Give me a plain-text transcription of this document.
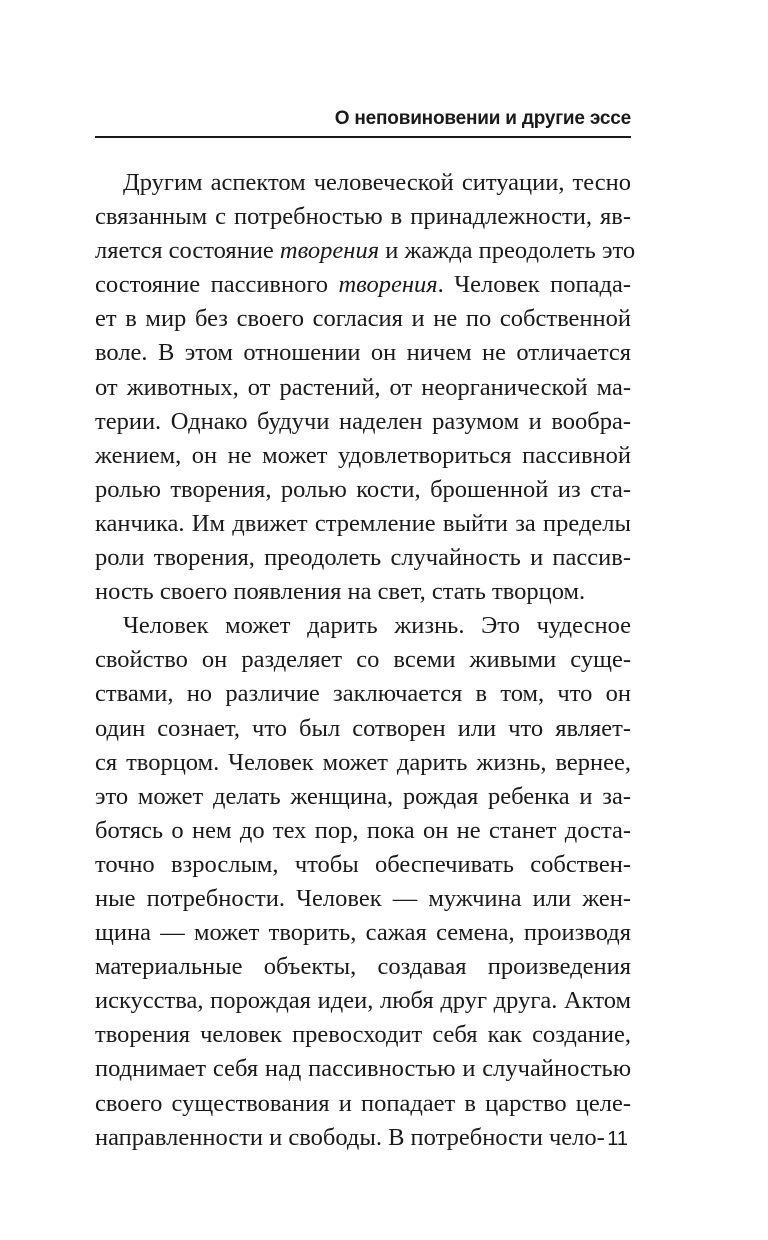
О неповиновении и другие эссе
Другим аспектом человеческой ситуации, тесно
связанным с потребностью в принадлежности, яв-
ляется состояние творения и жажда преодолеть это
состояние пассивного творения. Человек попада-
ет в мир без своего согласия и не по собственной
воле. В этом отношении он ничем не отличается
от животных, от растений, от неорганической ма-
терии. Однако будучи наделен разумом и вообра-
жением, он не может удовлетвориться пассивной
ролью творения, ролью кости, брошенной из ста-
канчика. Им движет стремление выйти за пределы
роли творения, преодолеть случайность и пассив-
ность своего появления на свет, стать творцом.
Человек может дарить жизнь. Это чудесное
свойство он разделяет со всеми живыми суще-
ствами, но различие заключается в том, что он
один сознает, что был сотворен или что являет-
ся творцом. Человек может дарить жизнь, вернее,
это может делать женщина, рождая ребенка и за-
ботясь о нем до тех пор, пока он не станет доста-
точно взрослым, чтобы обеспечивать собствен-
ные потребности. Человек — мужчина или жен-
щина — может творить, сажая семена, производя
материальные объекты, создавая произведения
искусства, порождая идеи, любя друг друга. Актом
творения человек превосходит себя как создание,
поднимает себя над пассивностью и случайностью
своего существования и попадает в царство целе-
направленности и свободы. В потребности чело- 11
